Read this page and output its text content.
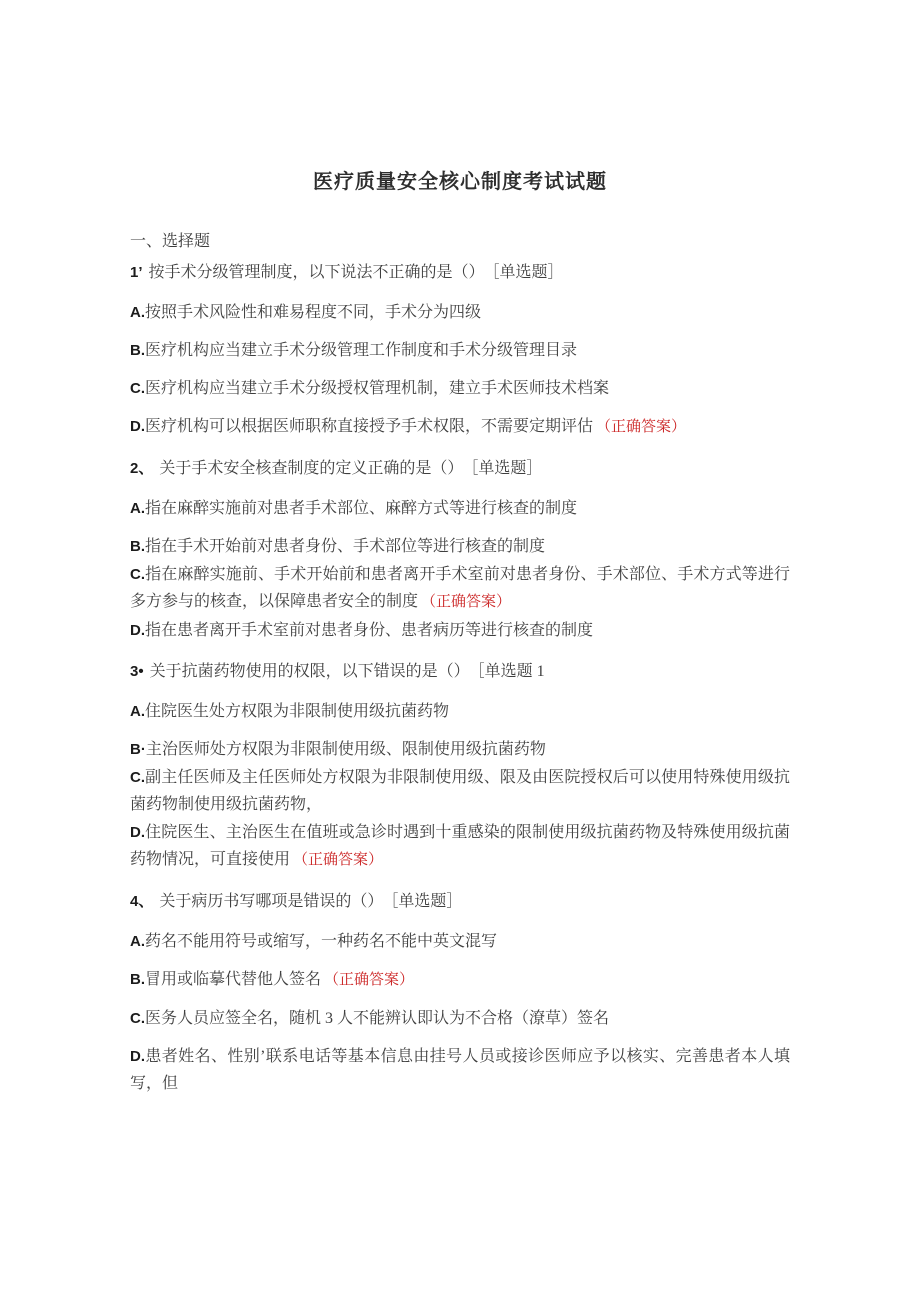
医疗质量安全核心制度考试试题
一、选择题

1’ 按手术分级管理制度，以下说法不正确的是（） ［单选题］

A.按照手术风险性和难易程度不同，手术分为四级

B.医疗机构应当建立手术分级管理工作制度和手术分级管理目录

C.医疗机构应当建立手术分级授权管理机制，建立手术医师技术档案

D.医疗机构可以根据医师职称直接授予手术权限，不需要定期评估 （正确答案）

2、 关于手术安全核查制度的定义正确的是（） ［单选题］

A.指在麻醉实施前对患者手术部位、麻醉方式等进行核查的制度

B.指在手术开始前对患者身份、手术部位等进行核查的制度

C.指在麻醉实施前、手术开始前和患者离开手术室前对患者身份、手术部位、手术方式等进行多方参与的核查，以保障患者安全的制度 （正确答案）

D.指在患者离开手术室前对患者身份、患者病历等进行核查的制度

3• 关于抗菌药物使用的权限，以下错误的是（） ［单选题 1

A.住院医生处方权限为非限制使用级抗菌药物

B·主治医师处方权限为非限制使用级、限制使用级抗菌药物

C.副主任医师及主任医师处方权限为非限制使用级、限及由医院授权后可以使用特殊使用级抗菌药物制使用级抗菌药物，

D.住院医生、主治医生在值班或急诊时遇到十重感染的限制使用级抗菌药物及特殊使用级抗菌药物情况，可直接使用 （正确答案）

4、 关于病历书写哪项是错误的（） ［单选题］

A.药名不能用符号或缩写，一种药名不能中英文混写

B.冒用或临摹代替他人签名 （正确答案）

C.医务人员应签全名，随机 3 人不能辨认即认为不合格（潦草）签名

D.患者姓名、性别’联系电话等基本信息由挂号人员或接诊医师应予以核实、完善患者本人填写，但
